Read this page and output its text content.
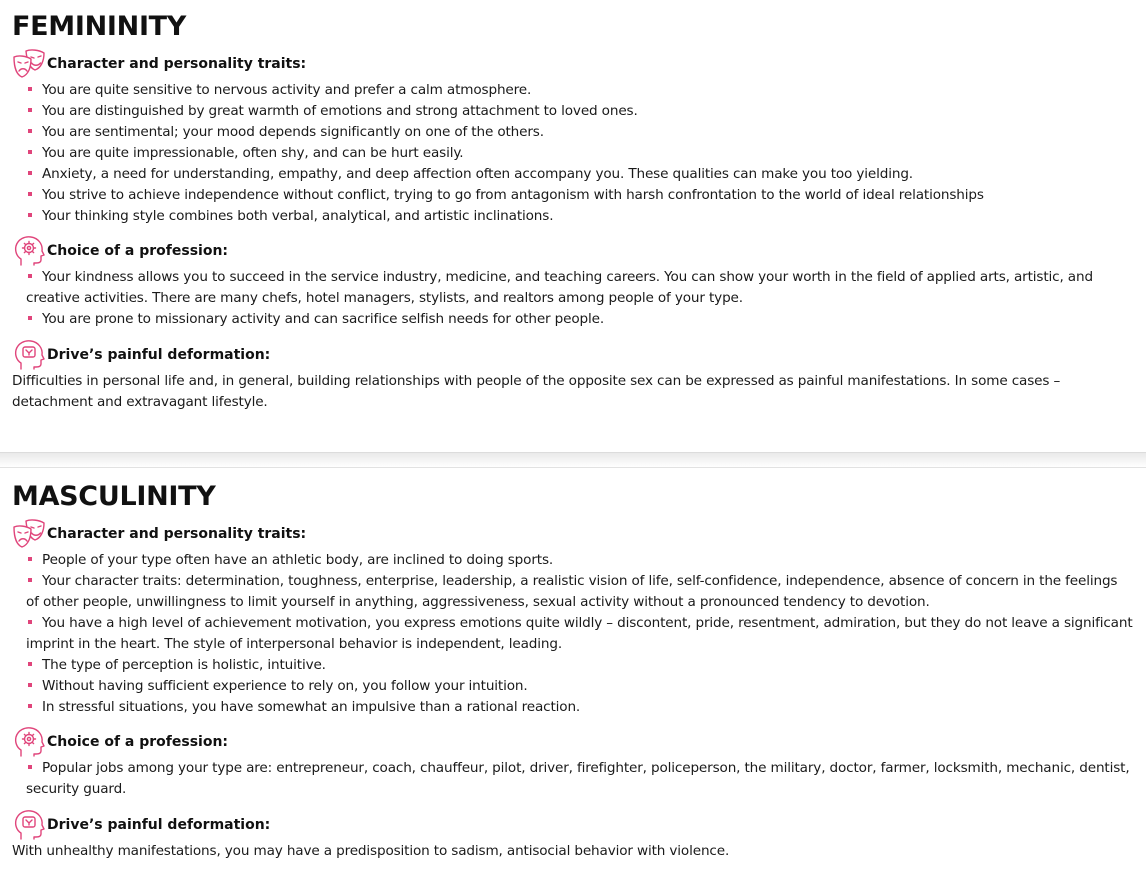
FEMININITY
Character and personality traits:
You are quite sensitive to nervous activity and prefer a calm atmosphere.
You are distinguished by great warmth of emotions and strong attachment to loved ones.
You are sentimental; your mood depends significantly on one of the others.
You are quite impressionable, often shy, and can be hurt easily.
Anxiety, a need for understanding, empathy, and deep affection often accompany you. These qualities can make you too yielding.
You strive to achieve independence without conflict, trying to go from antagonism with harsh confrontation to the world of ideal relationships
Your thinking style combines both verbal, analytical, and artistic inclinations.
Choice of a profession:
Your kindness allows you to succeed in the service industry, medicine, and teaching careers. You can show your worth in the field of applied arts, artistic, and creative activities. There are many chefs, hotel managers, stylists, and realtors among people of your type.
You are prone to missionary activity and can sacrifice selfish needs for other people.
Drive’s painful deformation:

Difficulties in personal life and, in general, building relationships with people of the opposite sex can be expressed as painful manifestations. In some cases – detachment and extravagant lifestyle.

MASCULINITY
Character and personality traits:
People of your type often have an athletic body, are inclined to doing sports.
Your character traits: determination, toughness, enterprise, leadership, a realistic vision of life, self-confidence, independence, absence of concern in the feelings of other people, unwillingness to limit yourself in anything, aggressiveness, sexual activity without a pronounced tendency to devotion.
You have a high level of achievement motivation, you express emotions quite wildly – discontent, pride, resentment, admiration, but they do not leave a significant imprint in the heart. The style of interpersonal behavior is independent, leading.
The type of perception is holistic, intuitive.
Without having sufficient experience to rely on, you follow your intuition.
In stressful situations, you have somewhat an impulsive than a rational reaction.
Choice of a profession:
Popular jobs among your type are: entrepreneur, coach, chauffeur, pilot, driver, firefighter, policeperson, the military, doctor, farmer, locksmith, mechanic, dentist, security guard.
Drive’s painful deformation:

With unhealthy manifestations, you may have a predisposition to sadism, antisocial behavior with violence.
